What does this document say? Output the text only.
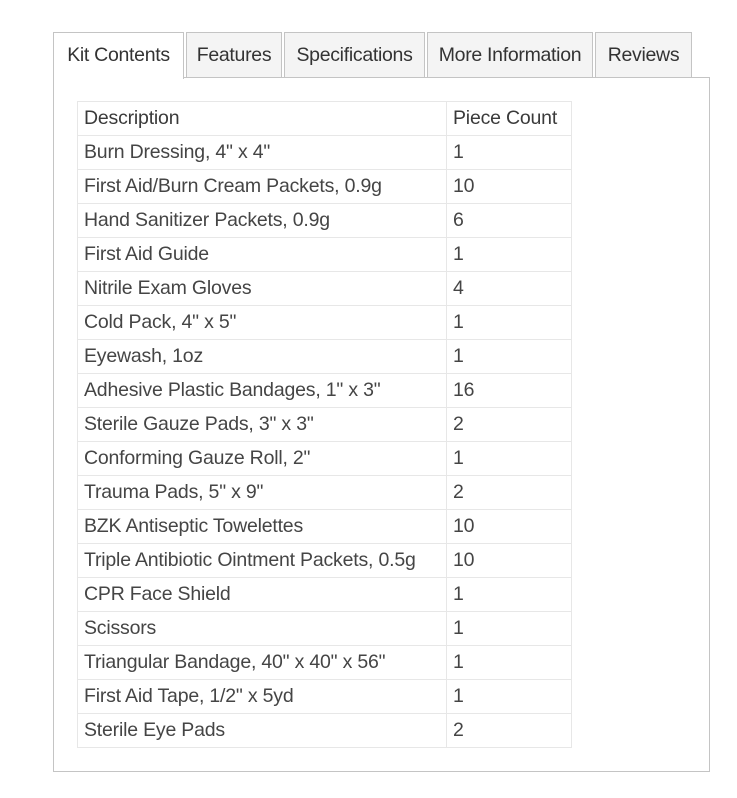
Kit Contents	Features	Specifications	More Information	Reviews
Description	Piece Count
Burn Dressing, 4" x 4"	1
First Aid/Burn Cream Packets, 0.9g	10
Hand Sanitizer Packets, 0.9g	6
First Aid Guide	1
Nitrile Exam Gloves	4
Cold Pack, 4" x 5"	1
Eyewash, 1oz	1
Adhesive Plastic Bandages, 1" x 3"	16
Sterile Gauze Pads, 3" x 3"	2
Conforming Gauze Roll, 2"	1
Trauma Pads, 5" x 9"	2
BZK Antiseptic Towelettes	10
Triple Antibiotic Ointment Packets, 0.5g	10
CPR Face Shield	1
Scissors	1
Triangular Bandage, 40" x 40" x 56"	1
First Aid Tape, 1/2" x 5yd	1
Sterile Eye Pads	2
